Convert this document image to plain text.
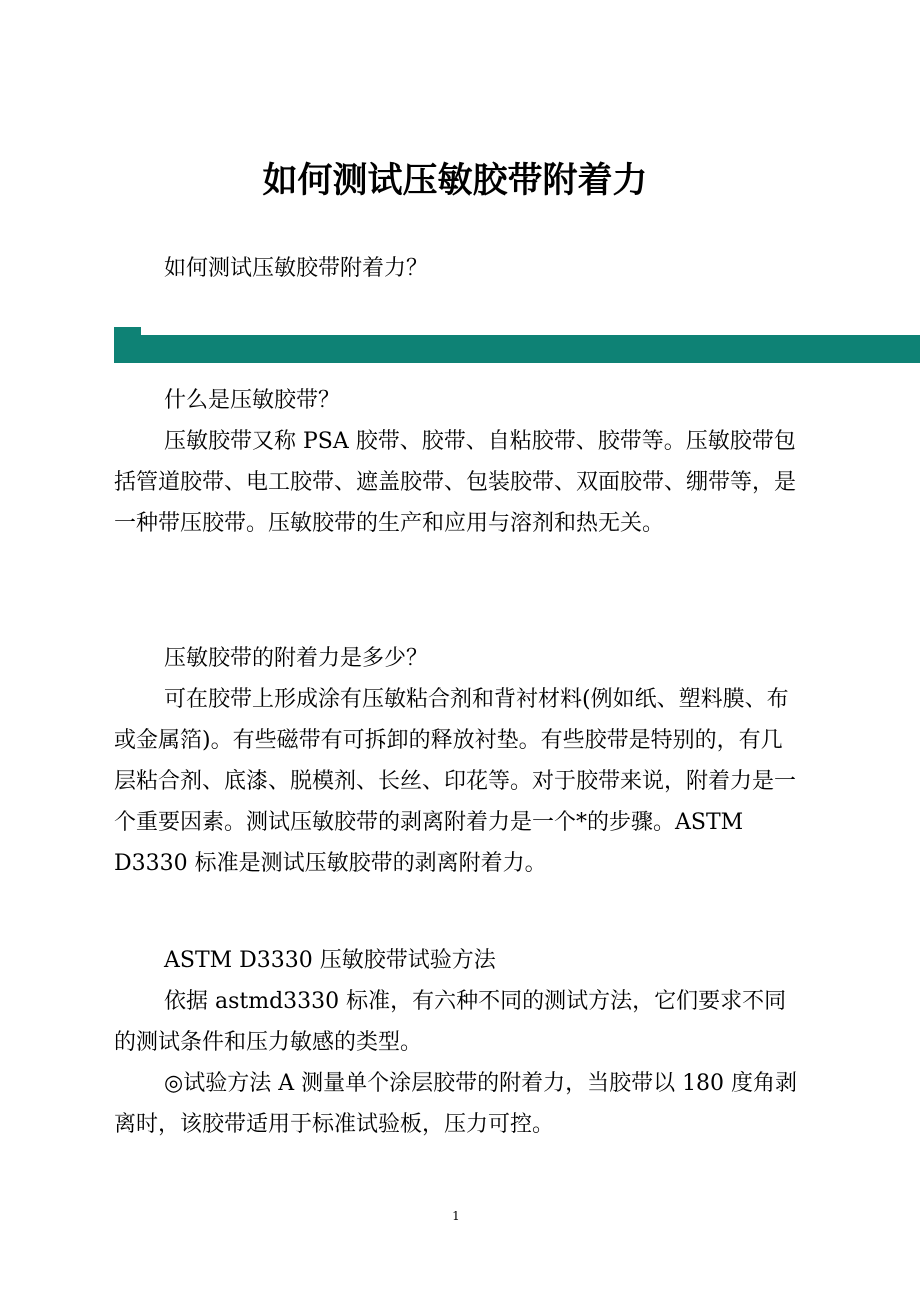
如何测试压敏胶带附着力
如何测试压敏胶带附着力？

什么是压敏胶带？

压敏胶带又称 PSA 胶带、胶带、自粘胶带、胶带等。压敏胶带包括管道胶带、电工胶带、遮盖胶带、包装胶带、双面胶带、绷带等，是一种带压胶带。压敏胶带的生产和应用与溶剂和热无关。

压敏胶带的附着力是多少？

可在胶带上形成涂有压敏粘合剂和背衬材料(例如纸、塑料膜、布或金属箔)。有些磁带有可拆卸的释放衬垫。有些胶带是特别的，有几层粘合剂、底漆、脱模剂、长丝、印花等。对于胶带来说，附着力是一个重要因素。测试压敏胶带的剥离附着力是一个*的步骤。ASTM D3330 标准是测试压敏胶带的剥离附着力。

ASTM D3330 压敏胶带试验方法

依据 astmd3330 标准，有六种不同的测试方法，它们要求不同的测试条件和压力敏感的类型。

◎试验方法 A 测量单个涂层胶带的附着力，当胶带以 180 度角剥离时，该胶带适用于标准试验板，压力可控。

1
